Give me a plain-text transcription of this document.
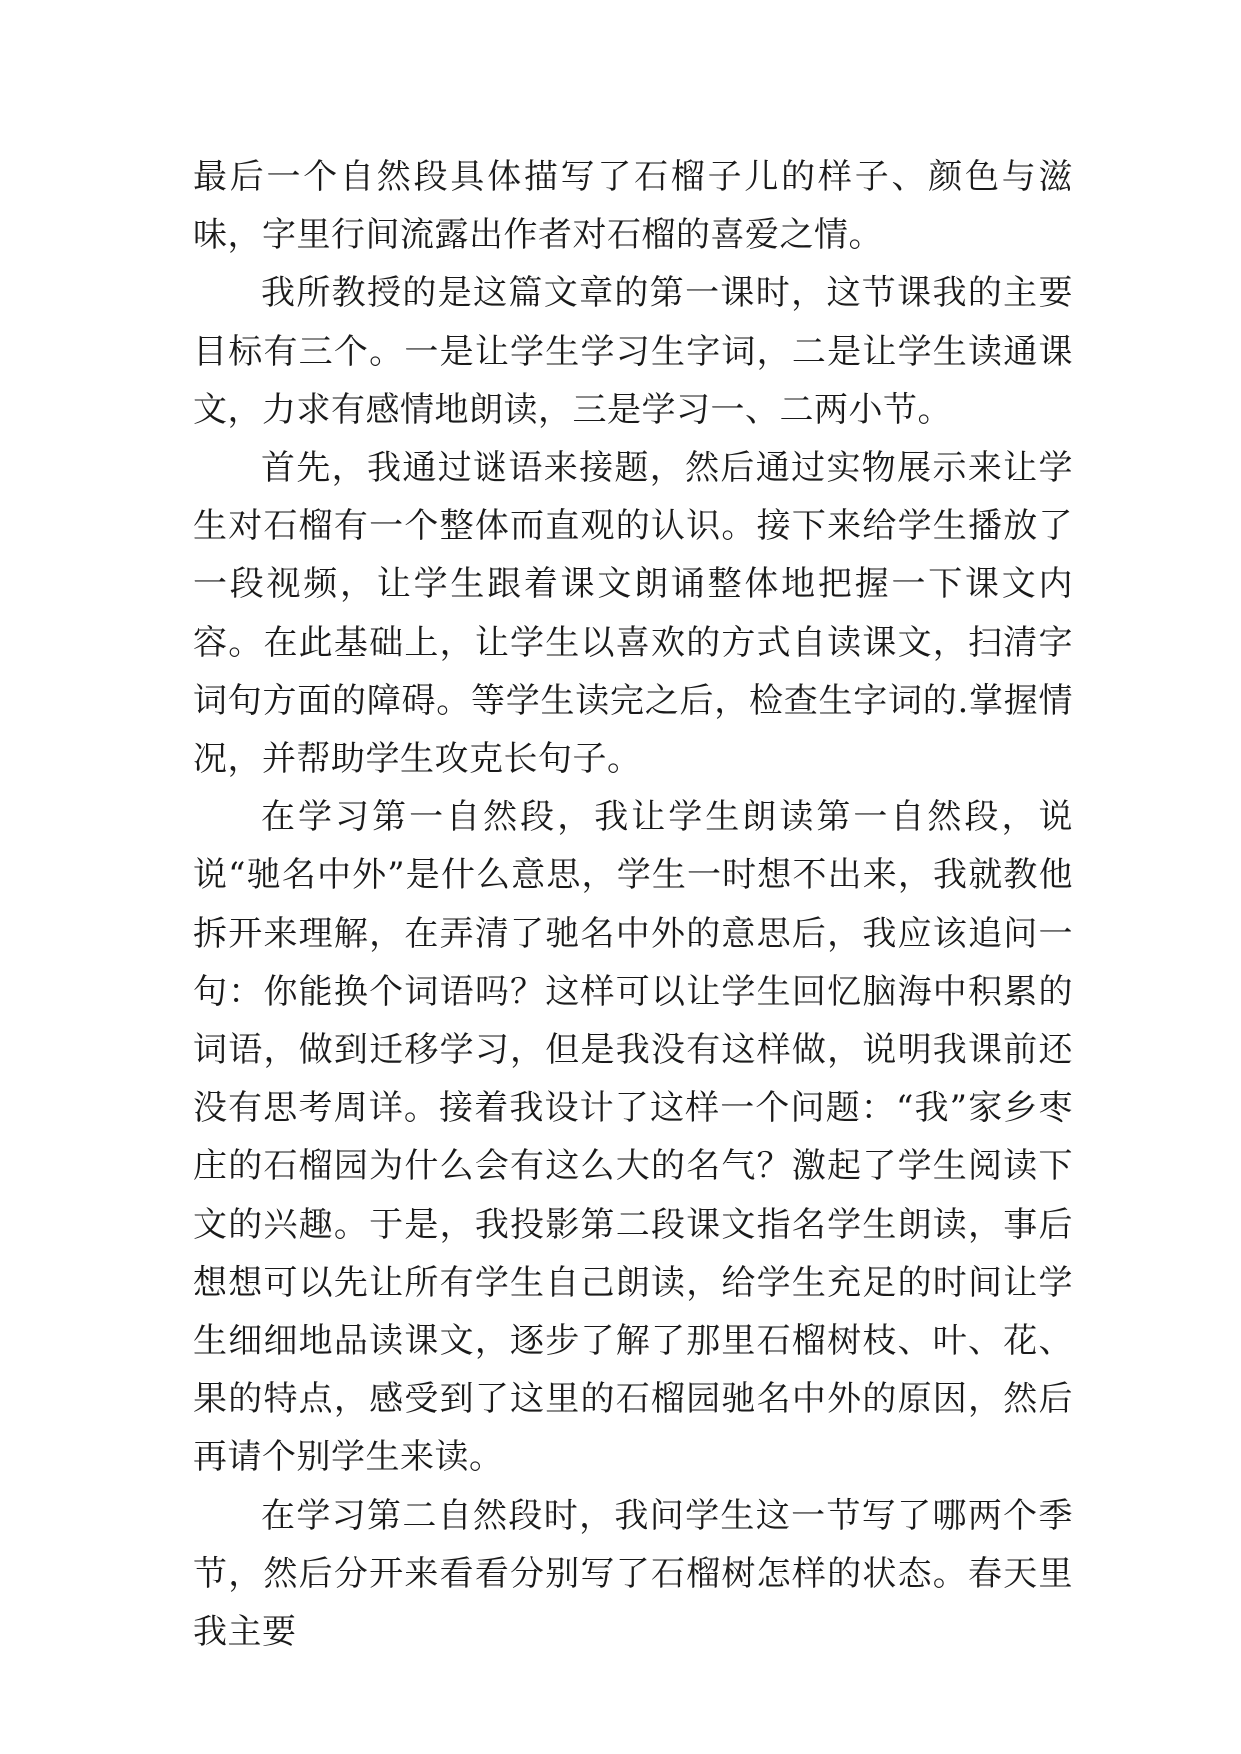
最后一个自然段具体描写了石榴子儿的样子、颜色与滋味，字里行间流露出作者对石榴的喜爱之情。

我所教授的是这篇文章的第一课时，这节课我的主要目标有三个。一是让学生学习生字词，二是让学生读通课文，力求有感情地朗读，三是学习一、二两小节。

首先，我通过谜语来接题，然后通过实物展示来让学生对石榴有一个整体而直观的认识。接下来给学生播放了一段视频，让学生跟着课文朗诵整体地把握一下课文内容。在此基础上，让学生以喜欢的方式自读课文，扫清字词句方面的障碍。等学生读完之后，检查生字词的.掌握情况，并帮助学生攻克长句子。

在学习第一自然段，我让学生朗读第一自然段，说说“驰名中外”是什么意思，学生一时想不出来，我就教他拆开来理解，在弄清了驰名中外的意思后，我应该追问一句：你能换个词语吗？这样可以让学生回忆脑海中积累的词语，做到迁移学习，但是我没有这样做，说明我课前还没有思考周详。接着我设计了这样一个问题：“我”家乡枣庄的石榴园为什么会有这么大的名气？激起了学生阅读下文的兴趣。于是，我投影第二段课文指名学生朗读，事后想想可以先让所有学生自己朗读，给学生充足的时间让学生细细地品读课文，逐步了解了那里石榴树枝、叶、花、果的特点，感受到了这里的石榴园驰名中外的原因，然后再请个别学生来读。

在学习第二自然段时，我问学生这一节写了哪两个季节，然后分开来看看分别写了石榴树怎样的状态。春天里我主要
